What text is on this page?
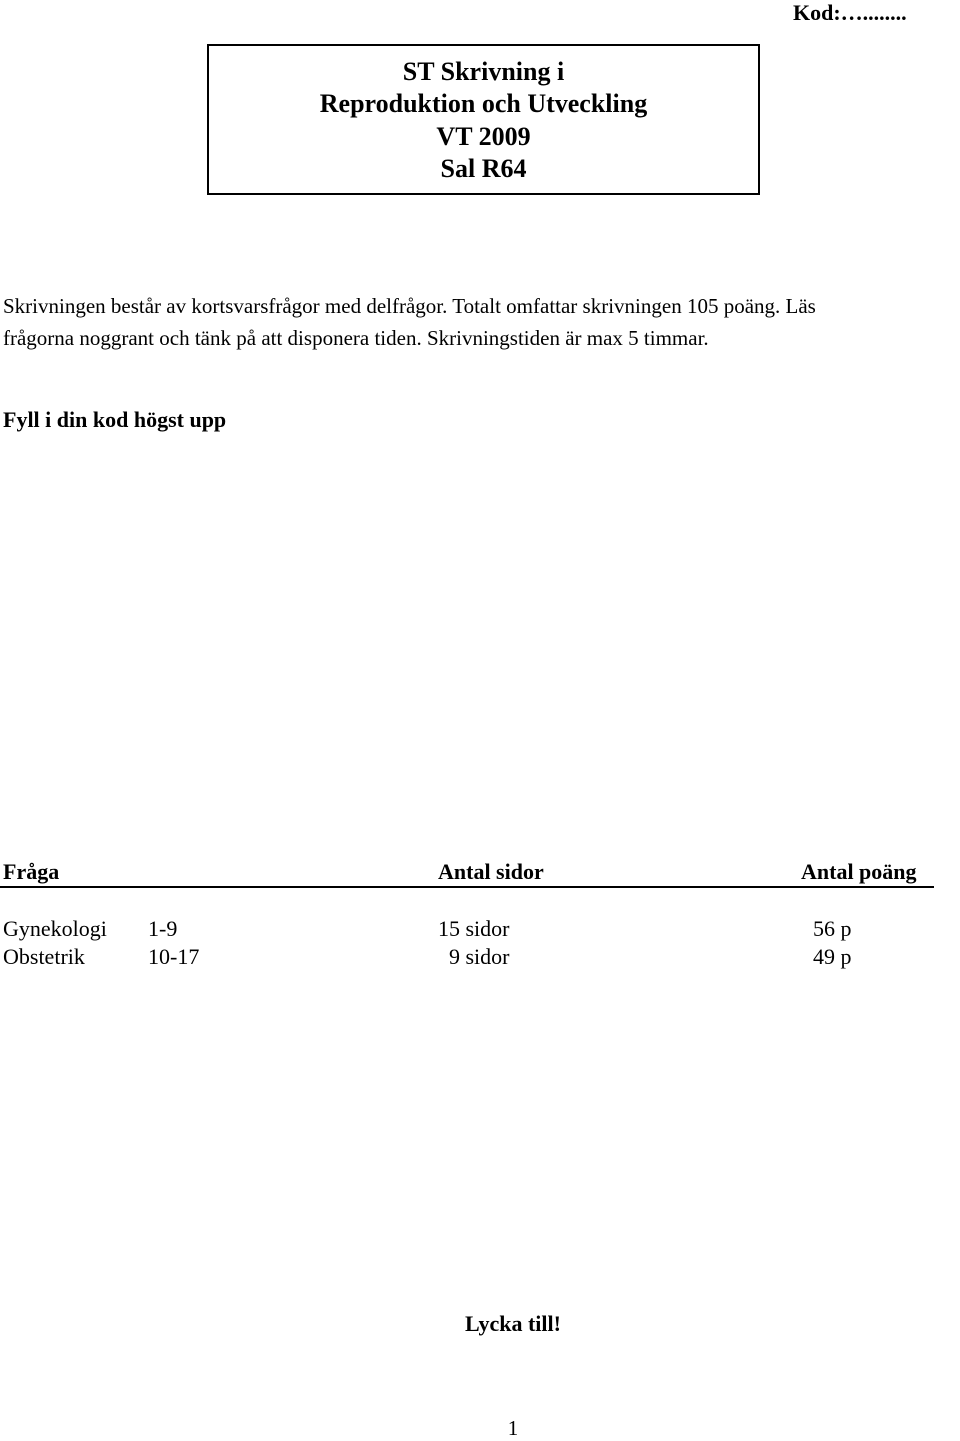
Kod:…........
ST Skrivning i
Reproduktion och Utveckling
VT 2009
Sal R64

Skrivningen består av kortsvarsfrågor med delfrågor. Totalt omfattar skrivningen 105 poäng. Läs

frågorna noggrant och tänk på att disponera tiden. Skrivningstiden är max 5 timmar.

Fyll i din kod högst upp
Fråga	Antal sidor	Antal poäng
Gynekologi 1-9	15 sidor	56 p
Obstetrik	10-17	9 sidor	49 p
Lycka till!
1
